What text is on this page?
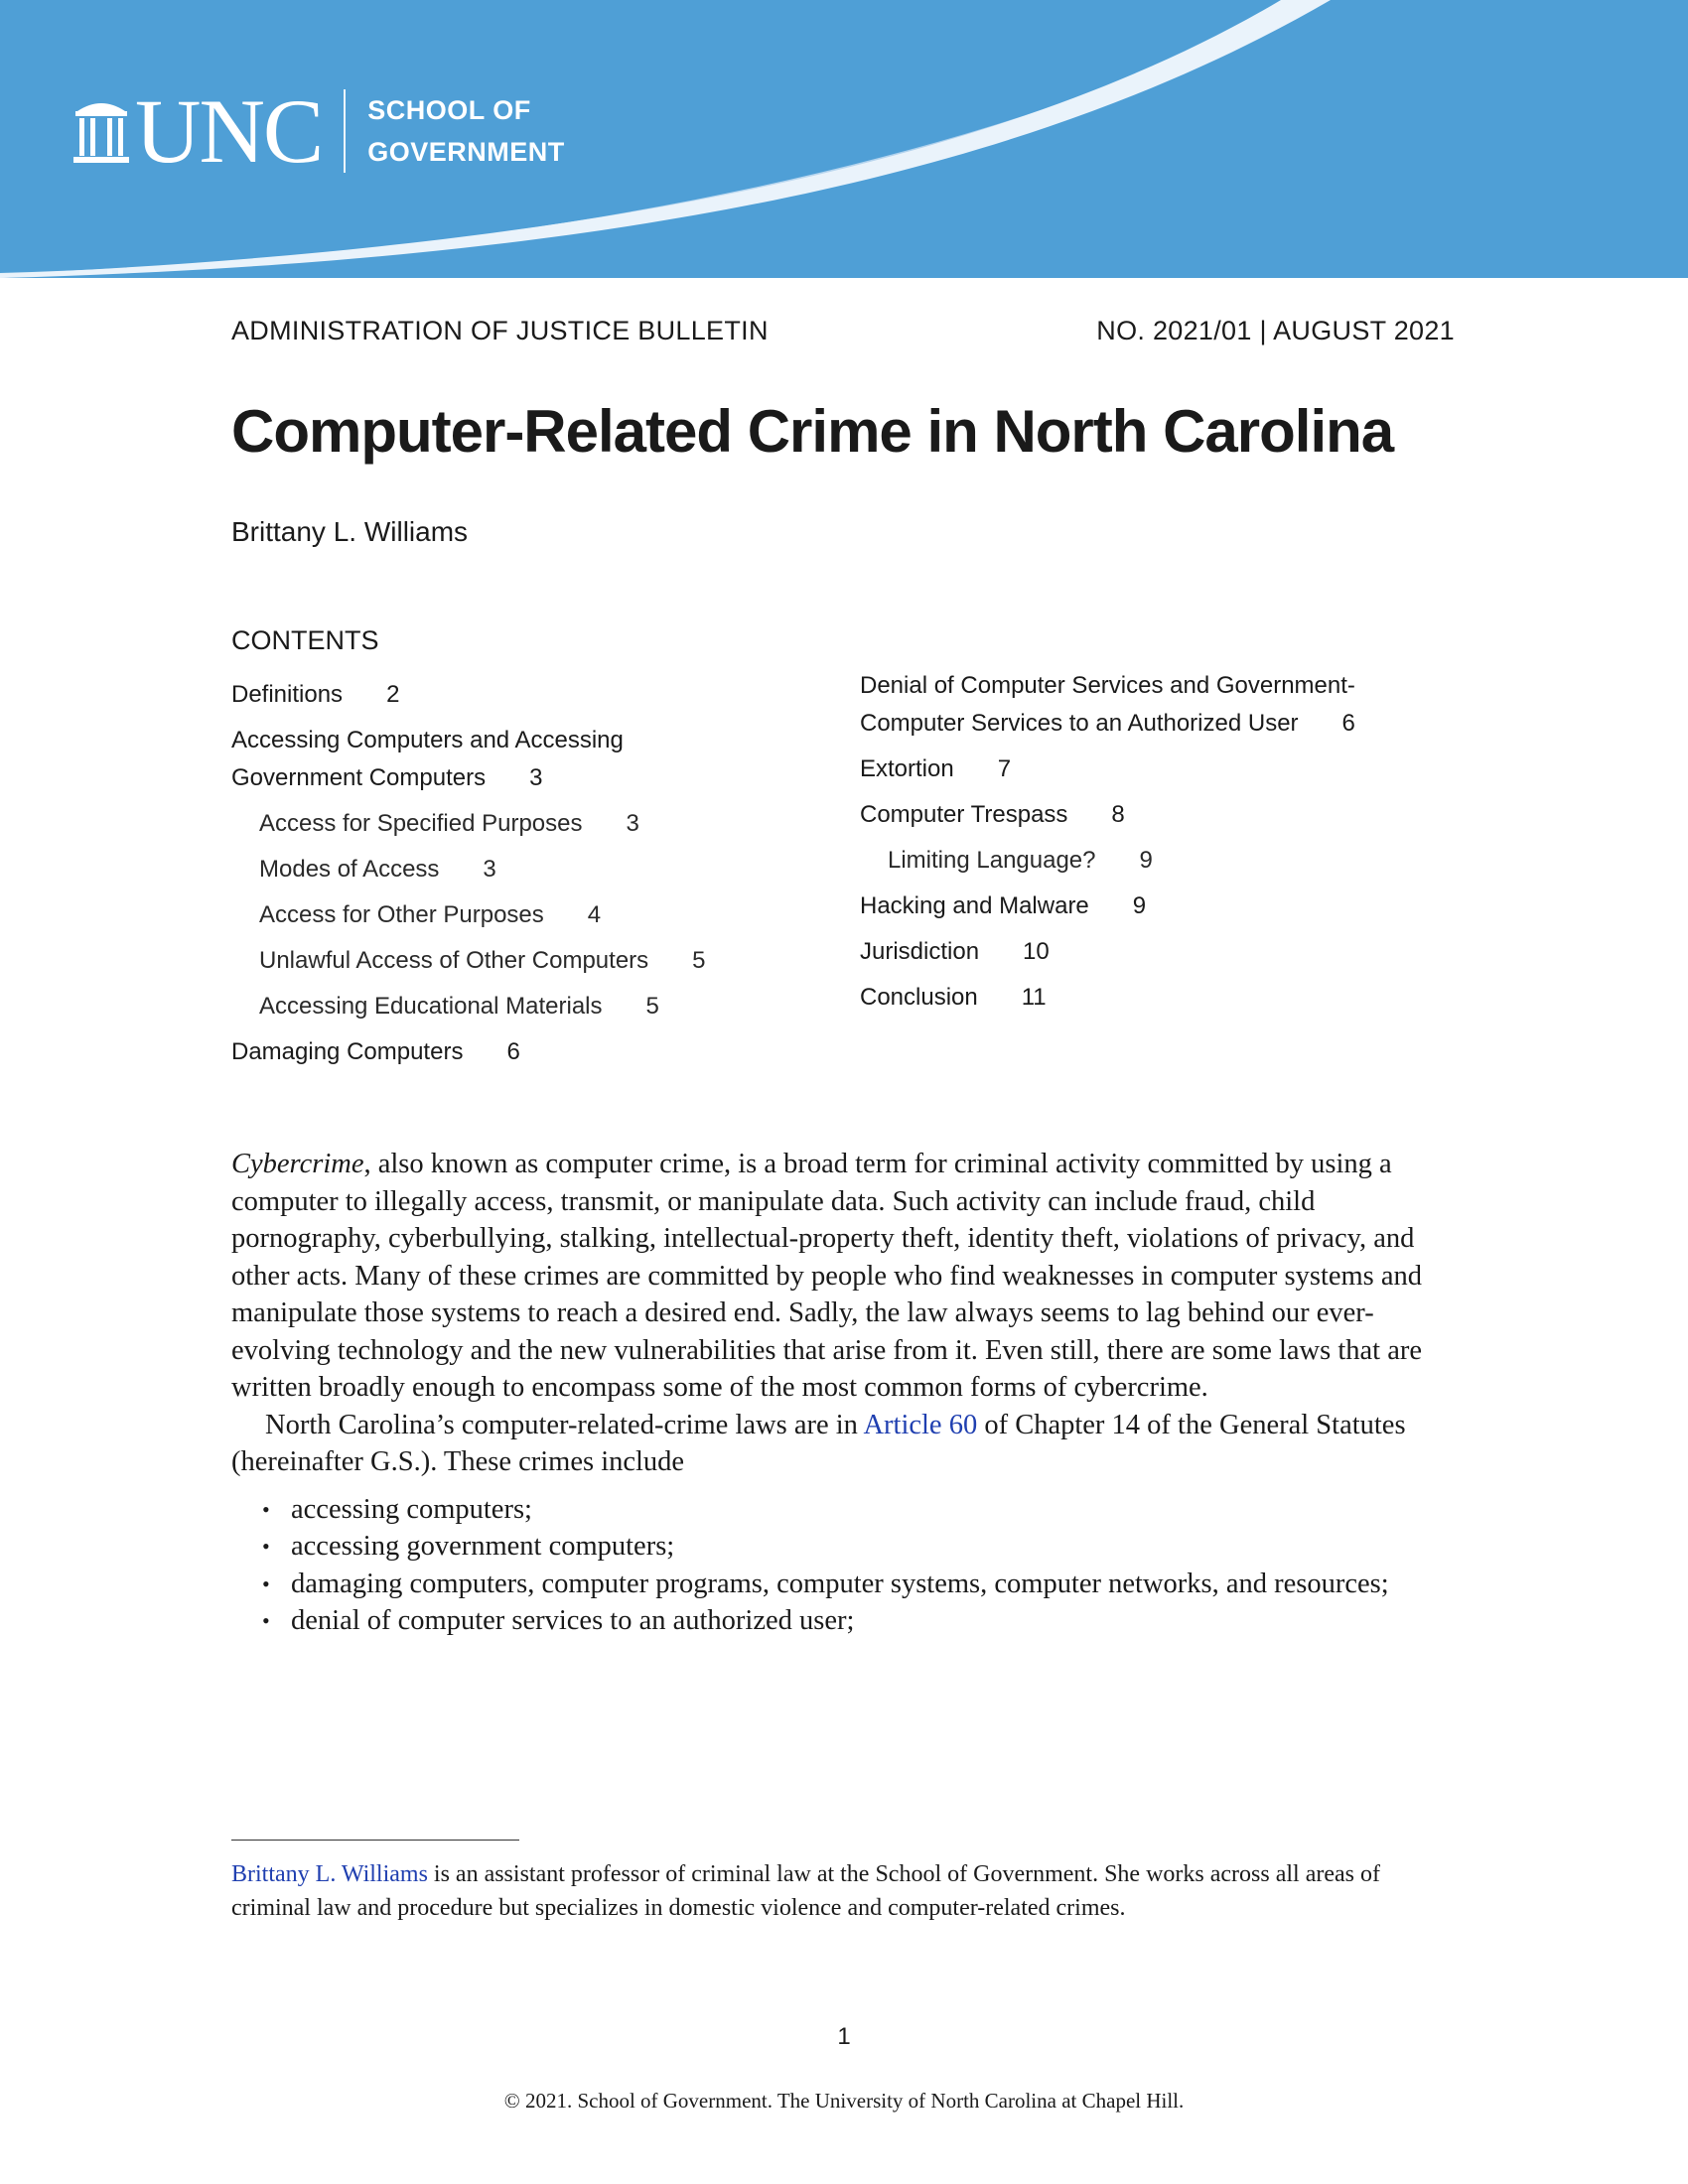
UNC SCHOOL OF
GOVERNMENT
ADMINISTRATION OF JUSTICE BULLETIN	NO. 2021/01 | AUGUST 2021
Computer-Related Crime in North Carolina
Brittany L. Williams
CONTENTS
Definitions 2
Accessing Computers and Accessing
Government Computers 3
Access for Specified Purposes 3
Modes of Access 3
Access for Other Purposes 4
Unlawful Access of Other Computers 5
Accessing Educational Materials 5
Damaging Computers 6
Denial of Computer Services and Government-
Computer Services to an Authorized User 6
Extortion 7
Computer Trespass 8
Limiting Language? 9
Hacking and Malware 9
Jurisdiction 10
Conclusion 11

Cybercrime, also known as computer crime, is a broad term for criminal activity committed by using a computer to illegally access, transmit, or manipulate data. Such activity can include fraud, child pornography, cyberbullying, stalking, intellectual-property theft, identity theft, violations of privacy, and other acts. Many of these crimes are committed by people who find weaknesses in computer systems and manipulate those systems to reach a desired end. Sadly, the law always seems to lag behind our ever-evolving technology and the new vulnerabilities that arise from it. Even still, there are some laws that are written broadly enough to encompass some of the most common forms of cybercrime.

North Carolina’s computer-related-crime laws are in Article 60 of Chapter 14 of the General Statutes (hereinafter G.S.). These crimes include

• accessing computers;
• accessing government computers;
• damaging computers, computer programs, computer systems, computer networks, and resources;
• denial of computer services to an authorized user;
Brittany L. Williams is an assistant professor of criminal law at the School of Government. She works across all areas of criminal law and procedure but specializes in domestic violence and computer-related crimes.
1
© 2021. School of Government. The University of North Carolina at Chapel Hill.
